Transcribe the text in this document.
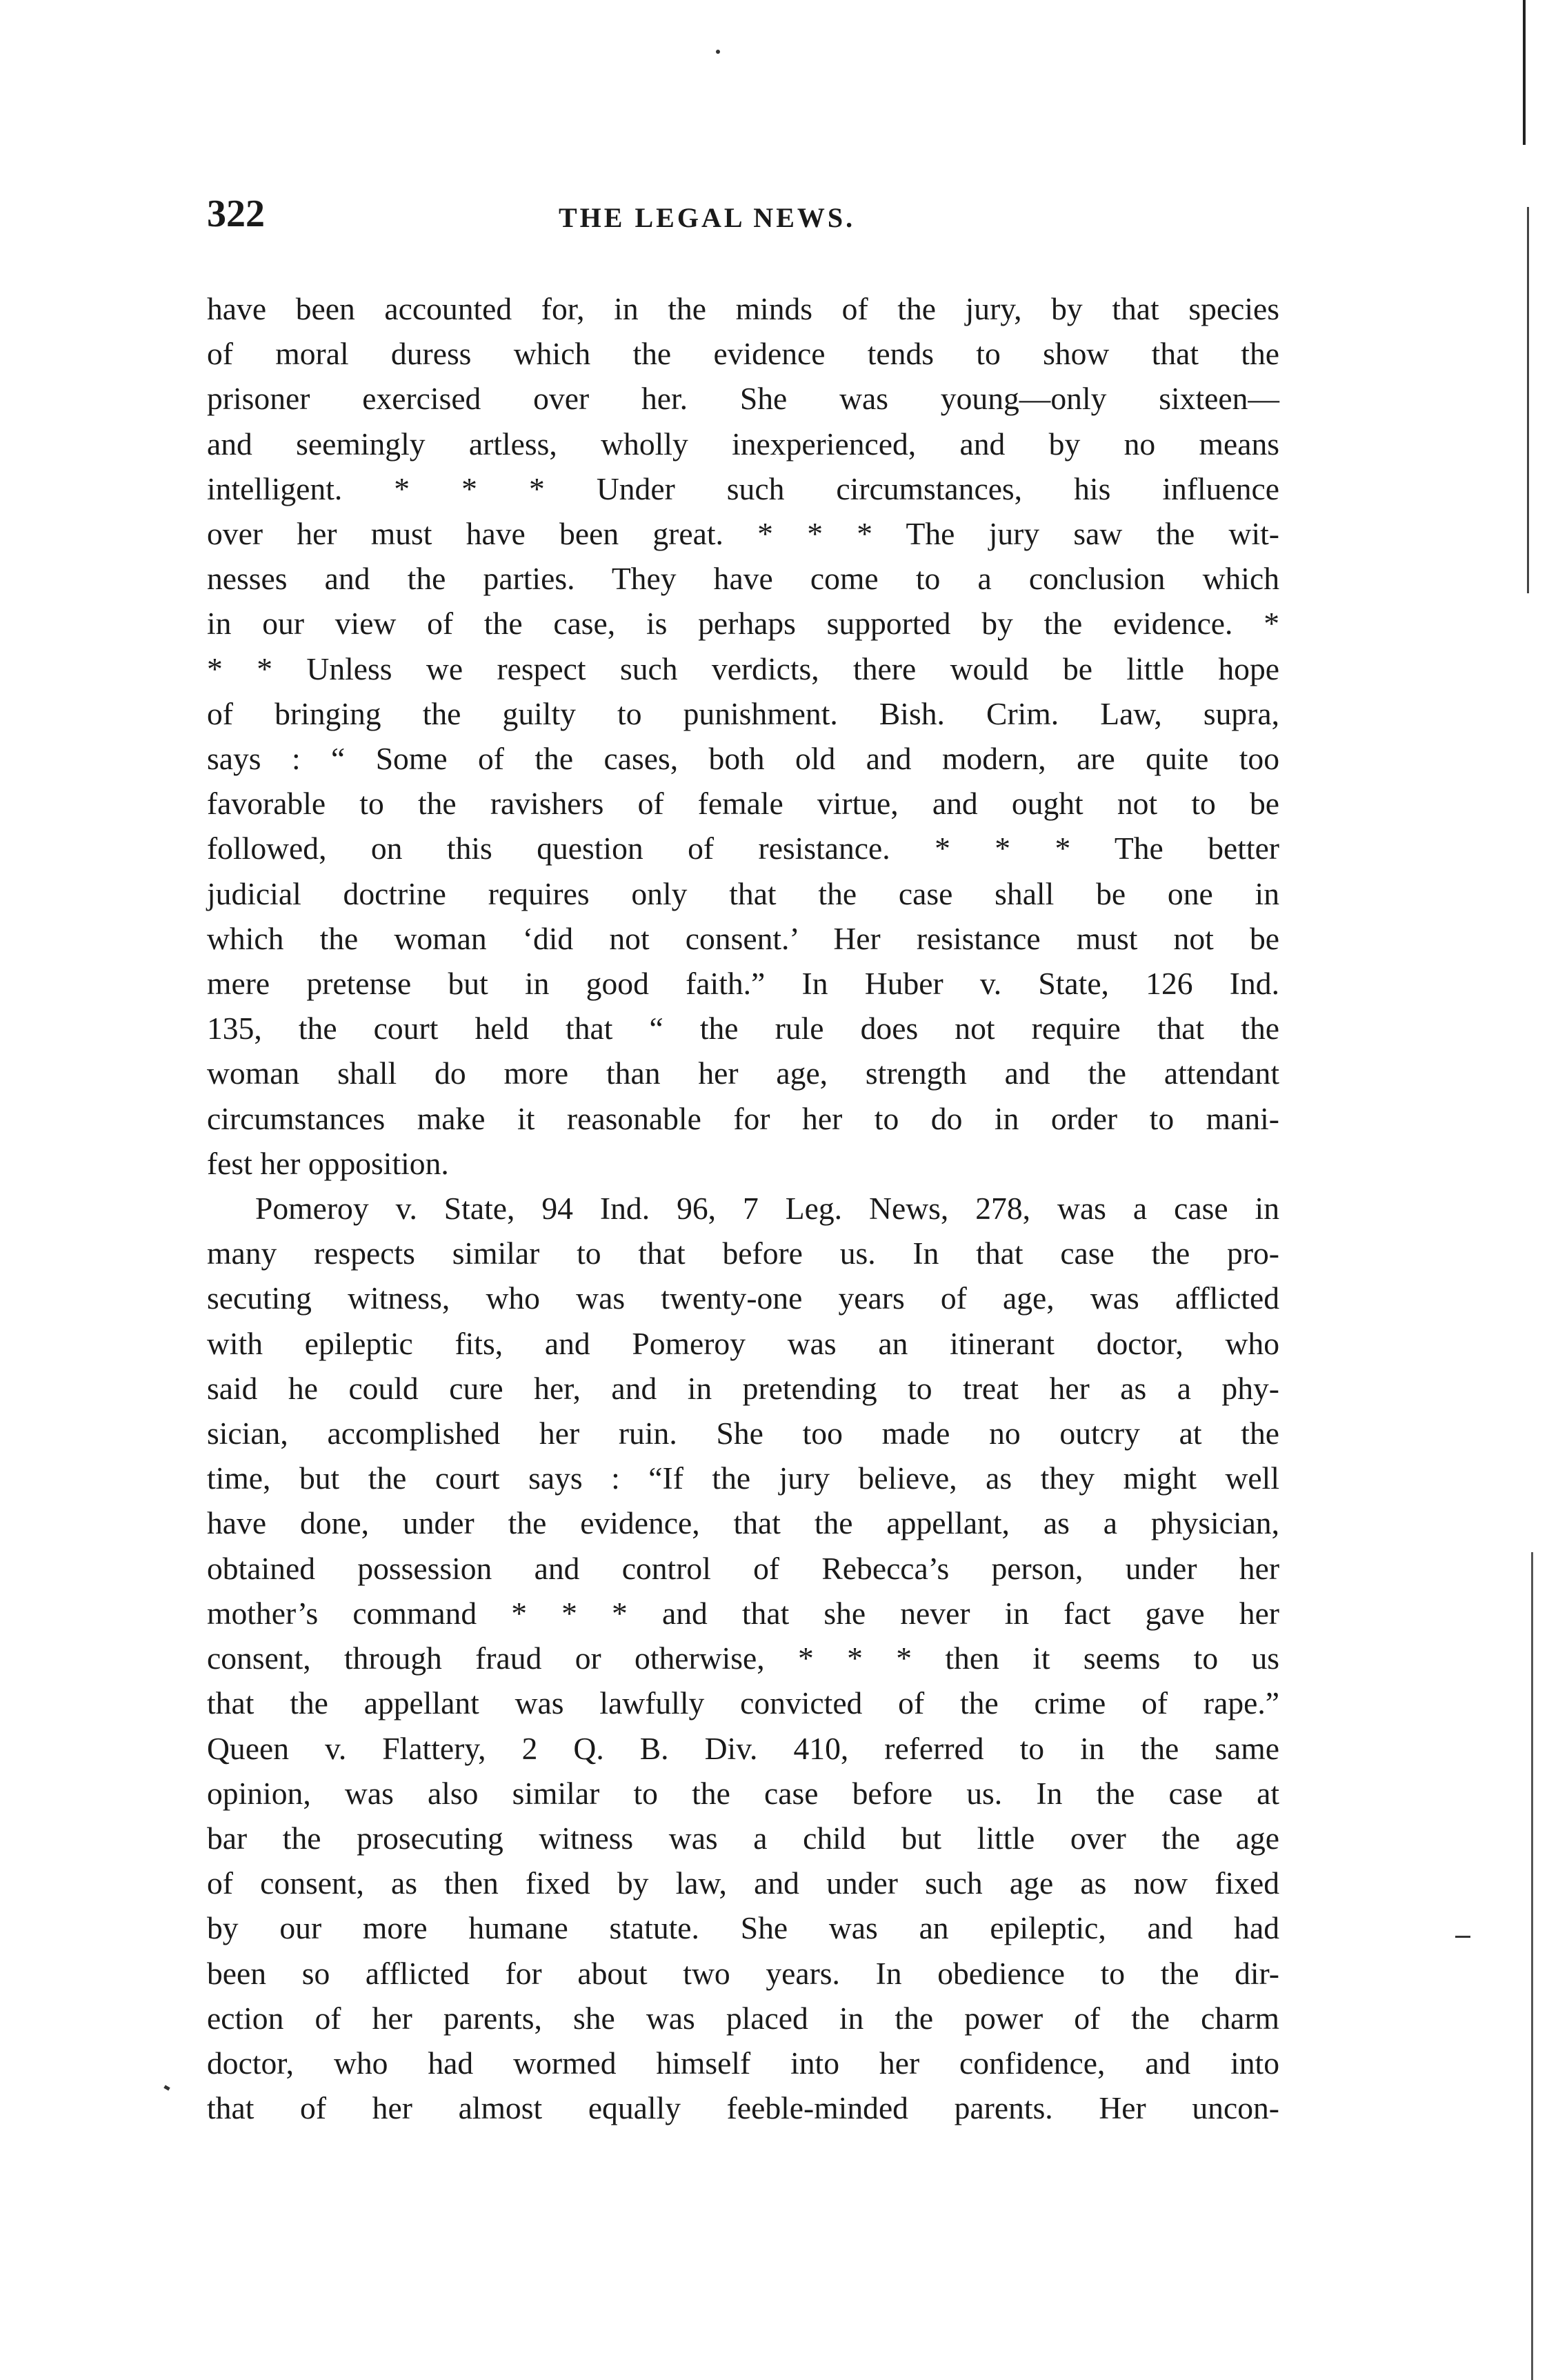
322	THE LEGAL NEWS.
have been accounted for, in the minds of the jury, by that species
of moral duress which the evidence tends to show that the
prisoner exercised over her. She was young—only sixteen—
and seemingly artless, wholly inexperienced, and by no means
intelligent. * * * Under such circumstances, his influence
over her must have been great. * * * The jury saw the wit-
nesses and the parties. They have come to a conclusion which
in our view of the case, is perhaps supported by the evidence. *
* * Unless we respect such verdicts, there would be little hope
of bringing the guilty to punishment. Bish. Crim. Law, supra,
says : “ Some of the cases, both old and modern, are quite too
favorable to the ravishers of female virtue, and ought not to be
followed, on this question of resistance. * * * The better
judicial doctrine requires only that the case shall be one in
which the woman ‘did not consent.’ Her resistance must not be
mere pretense but in good faith.” In Huber v. State, 126 Ind.
135, the court held that “ the rule does not require that the
woman shall do more than her age, strength and the attendant
circumstances make it reasonable for her to do in order to mani-
fest her opposition.
Pomeroy v. State, 94 Ind. 96, 7 Leg. News, 278, was a case in
many respects similar to that before us. In that case the pro-
secuting witness, who was twenty-one years of age, was afflicted
with epileptic fits, and Pomeroy was an itinerant doctor, who
said he could cure her, and in pretending to treat her as a phy-
sician, accomplished her ruin. She too made no outcry at the
time, but the court says : “If the jury believe, as they might well
have done, under the evidence, that the appellant, as a physician,
obtained possession and control of Rebecca’s person, under her
mother’s command * * * and that she never in fact gave her
consent, through fraud or otherwise, * * * then it seems to us
that the appellant was lawfully convicted of the crime of rape.”
Queen v. Flattery, 2 Q. B. Div. 410, referred to in the same
opinion, was also similar to the case before us. In the case at
bar the prosecuting witness was a child but little over the age
of consent, as then fixed by law, and under such age as now fixed
by our more humane statute. She was an epileptic, and had
been so afflicted for about two years. In obedience to the dir-
ection of her parents, she was placed in the power of the charm
doctor, who had wormed himself into her confidence, and into
that of her almost equally feeble-minded parents. Her uncon-
